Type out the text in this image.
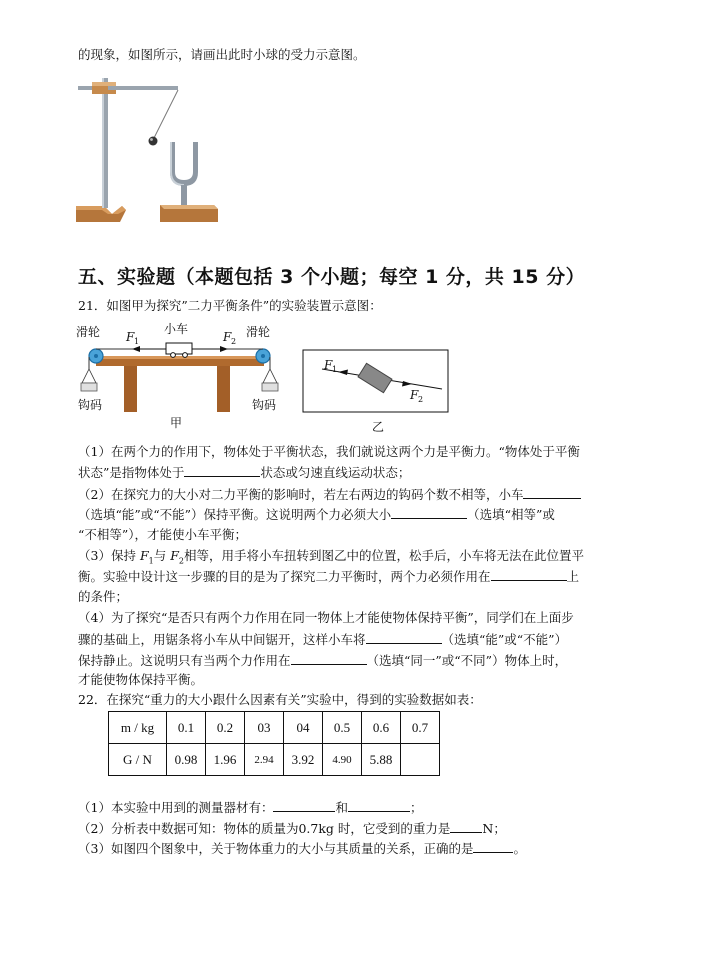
的现象，如图所示，请画出此时小球的受力示意图。
五、实验题（本题包括 3 个小题；每空 1 分，共 15 分）
21．如图甲为探究”二力平衡条件”的实验装置示意图：
滑轮	滑轮
小车
F 1	F 2
钩码	钩码
甲
F 1
F 2
乙
（1）在两个力的作用下，物体处于平衡状态，我们就说这两个力是平衡力。“物体处于平衡
状态”是指物体处于	状态或匀速直线运动状态；
（2）在探究力的大小对二力平衡的影响时，若左右两边的钩码个数不相等，小车
（选填“能”或“不能”）保持平衡。这说明两个力必须大小	（选填“相等”或
“不相等”），才能使小车平衡；
（3）保持 $F_1$与 $F_2$相等，用手将小车扭转到图乙中的位置，松手后，小车将无法在此位置平
衡。实验中设计这一步骤的目的是为了探究二力平衡时，两个力必须作用在	上
的条件；
（4）为了探究“是否只有两个力作用在同一物体上才能使物体保持平衡”，同学们在上面步
骤的基础上，用锯条将小车从中间锯开，这样小车将	（选填“能”或“不能”）
保持静止。这说明只有当两个力作用在	（选填“同一”或“不同”）物体上时，
才能使物体保持平衡。
22．在探究“重力的大小跟什么因素有关”实验中，得到的实验数据如表：
m / kg	0.1	0.2	03	04	0.5	0.6	0.7
G / N	0.98	1.96	2.94	3.92	4.90	5.88	
（1）本实验中用到的测量器材有：	和	；
（2）分析表中数据可知：物体的质量为0.7kg 时，它受到的重力是	N；
（3）如图四个图象中，关于物体重力的大小与其质量的关系，正确的是	。
